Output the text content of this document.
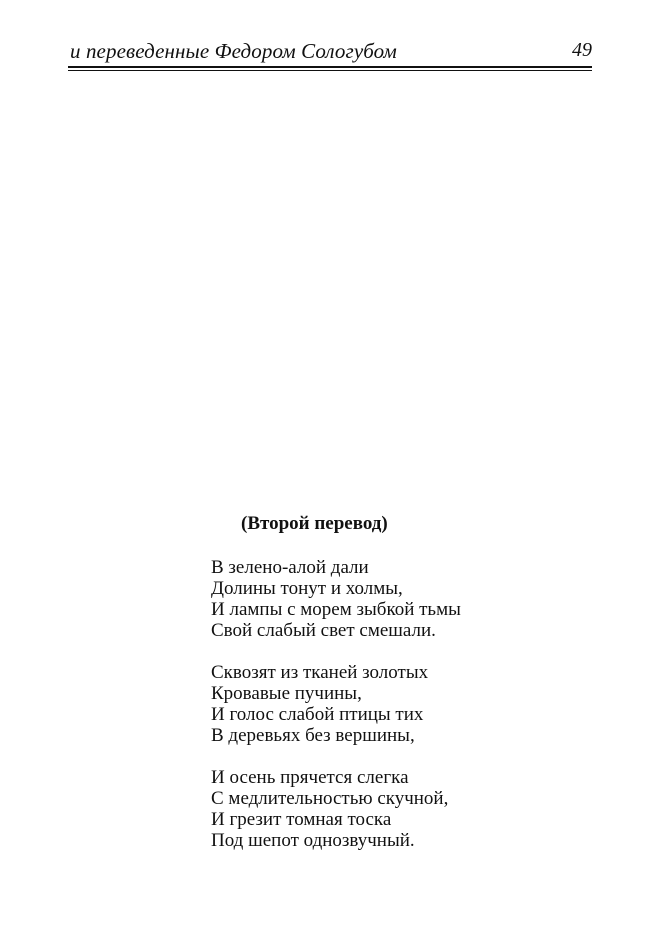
и переведенные Федором Сологубом	49
(Второй перевод)
В зелено-алой дали
Долины тонут и холмы,
И лампы с морем зыбкой тьмы
Свой слабый свет смешали.
Сквозят из тканей золотых
Кровавые пучины,
И голос слабой птицы тих
В деревьях без вершины,
И осень прячется слегка
С медлительностью скучной,
И грезит томная тоска
Под шепот однозвучный.
